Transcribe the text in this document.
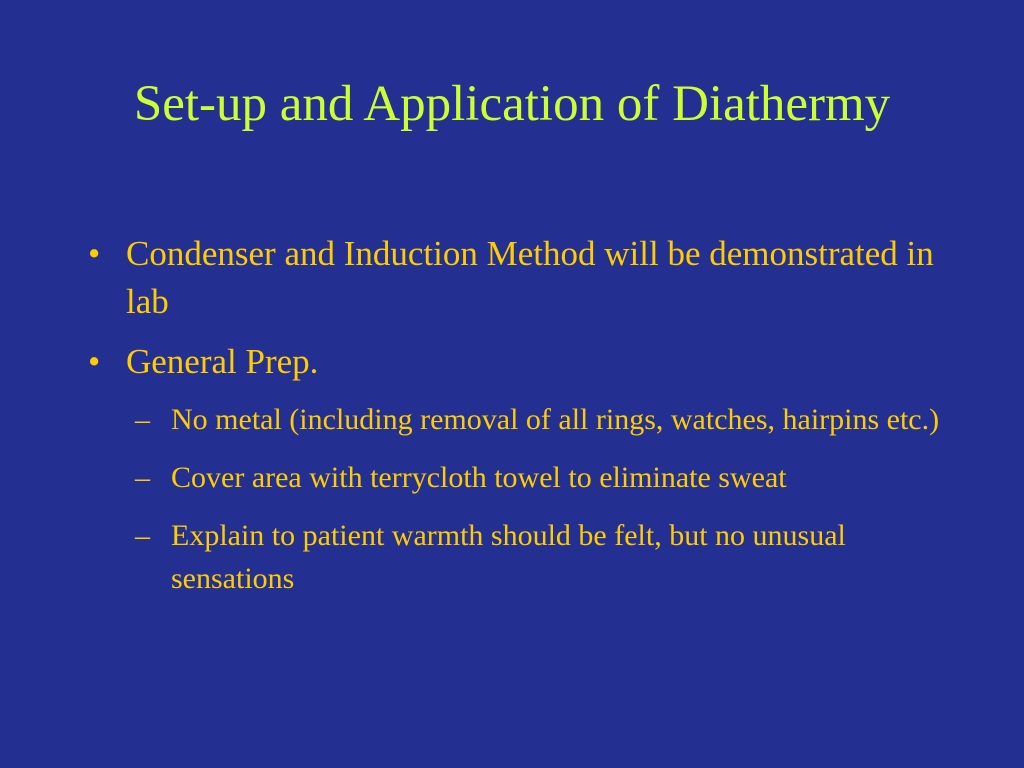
Set-up and Application of Diathermy
• Condenser and Induction Method will be demonstrated in lab
• General Prep.
– No metal (including removal of all rings, watches, hairpins etc.)
– Cover area with terrycloth towel to eliminate sweat
– Explain to patient warmth should be felt, but no unusual sensations
